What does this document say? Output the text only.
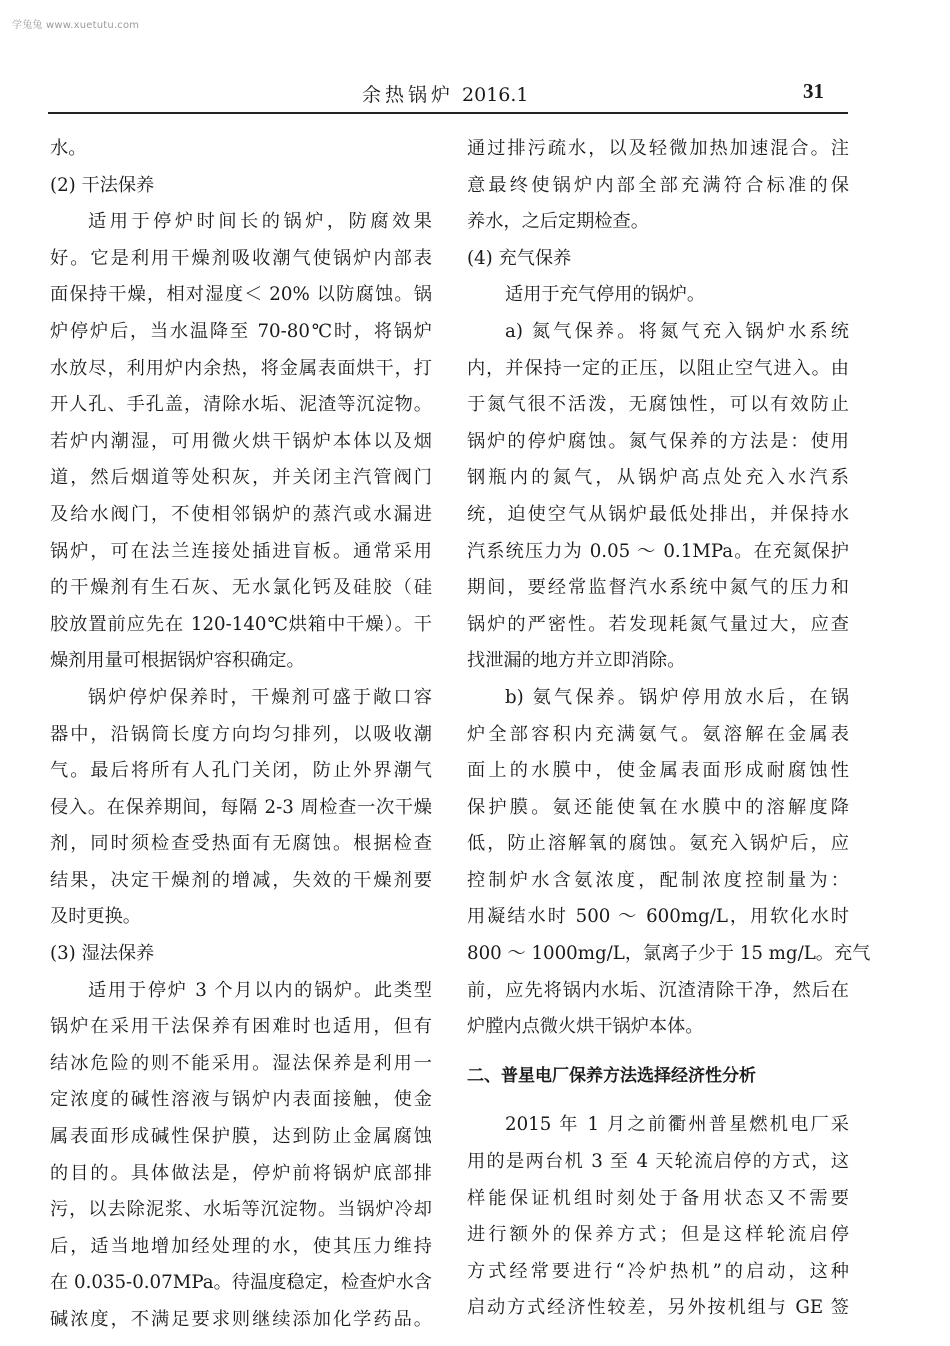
学兔兔 www.xuetutu.com
余热锅炉 2016.1	31
水。
(2) 干法保养
适用于停炉时间长的锅炉，防腐效果
好。它是利用干燥剂吸收潮气使锅炉内部表
面保持干燥，相对湿度＜ 20% 以防腐蚀。锅
炉停炉后，当水温降至 70-80℃时，将锅炉
水放尽，利用炉内余热，将金属表面烘干，打
开人孔、手孔盖，清除水垢、泥渣等沉淀物。
若炉内潮湿，可用微火烘干锅炉本体以及烟
道，然后烟道等处积灰，并关闭主汽管阀门
及给水阀门，不使相邻锅炉的蒸汽或水漏进
锅炉，可在法兰连接处插进盲板。通常采用
的干燥剂有生石灰、无水氯化钙及硅胶（硅
胶放置前应先在 120-140℃烘箱中干燥）。干
燥剂用量可根据锅炉容积确定。
锅炉停炉保养时，干燥剂可盛于敞口容
器中，沿锅筒长度方向均匀排列，以吸收潮
气。最后将所有人孔门关闭，防止外界潮气
侵入。在保养期间，每隔 2-3 周检查一次干燥
剂，同时须检查受热面有无腐蚀。根据检查
结果，决定干燥剂的增减，失效的干燥剂要
及时更换。
(3) 湿法保养
适用于停炉 3 个月以内的锅炉。此类型
锅炉在采用干法保养有困难时也适用，但有
结冰危险的则不能采用。湿法保养是利用一
定浓度的碱性溶液与锅炉内表面接触，使金
属表面形成碱性保护膜，达到防止金属腐蚀
的目的。具体做法是，停炉前将锅炉底部排
污，以去除泥浆、水垢等沉淀物。当锅炉冷却
后，适当地增加经处理的水，使其压力维持
在 0.035-0.07MPa。待温度稳定，检查炉水含
碱浓度，不满足要求则继续添加化学药品。
通过排污疏水，以及轻微加热加速混合。注
意最终使锅炉内部全部充满符合标准的保
养水，之后定期检查。
(4) 充气保养
适用于充气停用的锅炉。
a) 氮气保养。将氮气充入锅炉水系统
内，并保持一定的正压，以阻止空气进入。由
于氮气很不活泼，无腐蚀性，可以有效防止
锅炉的停炉腐蚀。氮气保养的方法是：使用
钢瓶内的氮气，从锅炉高点处充入水汽系
统，迫使空气从锅炉最低处排出，并保持水
汽系统压力为 0.05 ～ 0.1MPa。在充氮保护
期间，要经常监督汽水系统中氮气的压力和
锅炉的严密性。若发现耗氮气量过大，应查
找泄漏的地方并立即消除。
b) 氨气保养。锅炉停用放水后，在锅
炉全部容积内充满氨气。氨溶解在金属表
面上的水膜中，使金属表面形成耐腐蚀性
保护膜。氨还能使氧在水膜中的溶解度降
低，防止溶解氧的腐蚀。氨充入锅炉后，应
控制炉水含氨浓度，配制浓度控制量为：
用凝结水时 500 ～ 600mg/L，用软化水时
800 ～ 1000mg/L，氯离子少于 15 mg/L。充气
前，应先将锅内水垢、沉渣清除干净，然后在
炉膛内点微火烘干锅炉本体。
二、普星电厂保养方法选择经济性分析
2015 年 1 月之前衢州普星燃机电厂采
用的是两台机 3 至 4 天轮流启停的方式，这
样能保证机组时刻处于备用状态又不需要
进行额外的保养方式；但是这样轮流启停
方式经常要进行“冷炉热机”的启动，这种
启动方式经济性较差，另外按机组与 GE 签
